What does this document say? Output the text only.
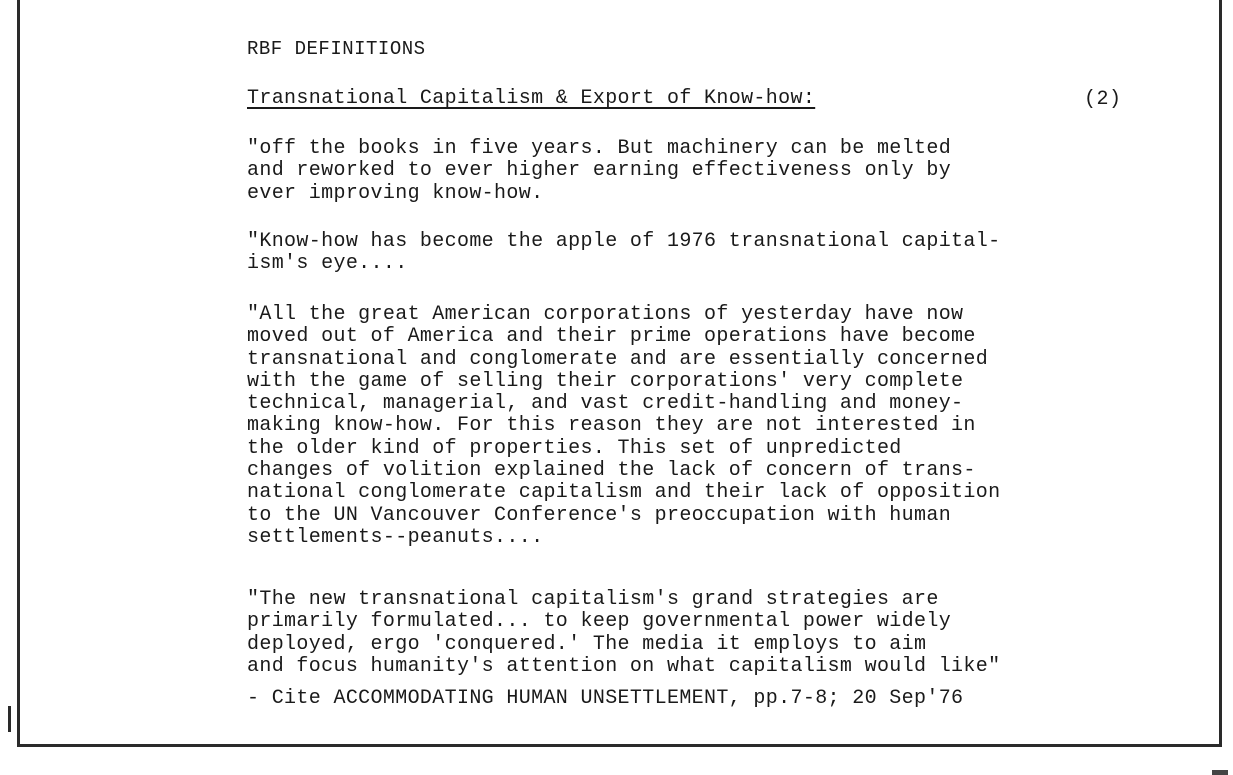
RBF DEFINITIONS
Transnational Capitalism & Export of Know-how:	(2)
"off the books in five years. But machinery can be melted
and reworked to ever higher earning effectiveness only by
ever improving know-how.
"Know-how has become the apple of 1976 transnational capital-
ism's eye....
"All the great American corporations of yesterday have now
moved out of America and their prime operations have become
transnational and conglomerate and are essentially concerned
with the game of selling their corporations' very complete
technical, managerial, and vast credit-handling and money-
making know-how. For this reason they are not interested in
the older kind of properties. This set of unpredicted
changes of volition explained the lack of concern of trans-
national conglomerate capitalism and their lack of opposition
to the UN Vancouver Conference's preoccupation with human
settlements--peanuts....
"The new transnational capitalism's grand strategies are
primarily formulated... to keep governmental power widely
deployed, ergo 'conquered.' The media it employs to aim
and focus humanity's attention on what capitalism would like"
- Cite ACCOMMODATING HUMAN UNSETTLEMENT, pp.7-8; 20 Sep'76
